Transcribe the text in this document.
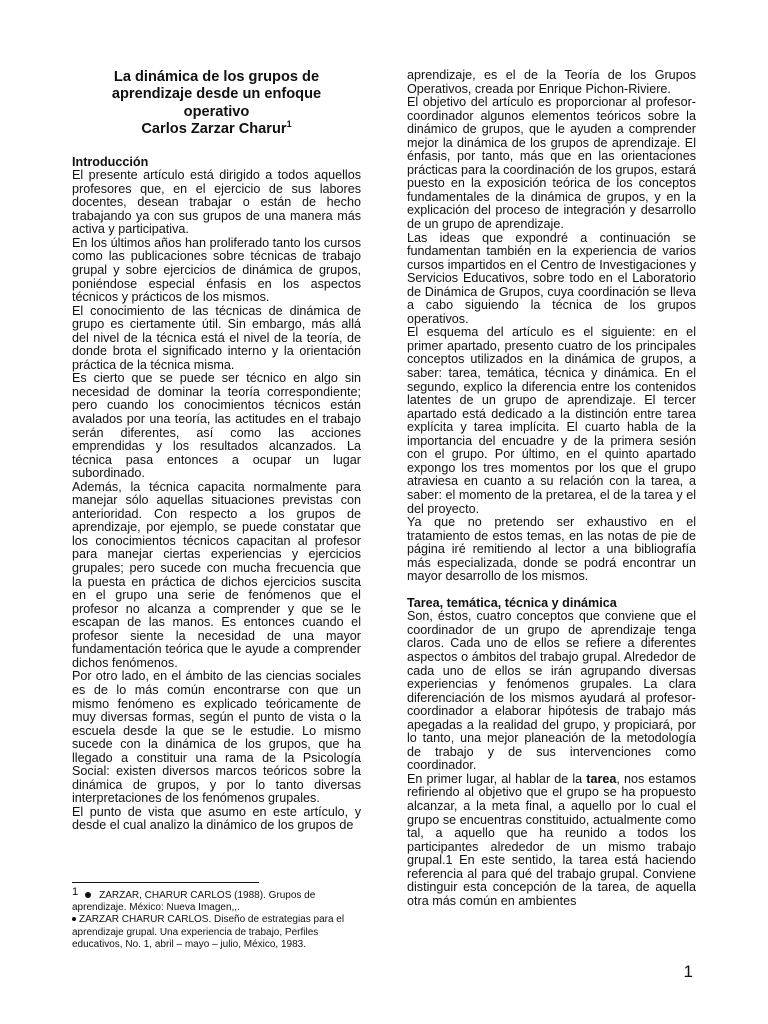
La dinámica de los grupos de
aprendizaje desde un enfoque
operativo
Carlos Zarzar Charur$^1$
Introducción

El presente artículo está dirigido a todos aquellos profesores que, en el ejercicio de sus labores docentes, desean trabajar o están de hecho trabajando ya con sus grupos de una manera más activa y participativa.

En los últimos años han proliferado tanto los cursos como las publicaciones sobre técnicas de trabajo grupal y sobre ejercicios de dinámica de grupos, poniéndose especial énfasis en los aspectos técnicos y prácticos de los mismos.

El conocimiento de las técnicas de dinámica de grupo es ciertamente útil. Sin embargo, más allá del nivel de la técnica está el nivel de la teoría, de donde brota el significado interno y la orientación práctica de la técnica misma.

Es cierto que se puede ser técnico en algo sin necesidad de dominar la teoría correspondiente; pero cuando los conocimientos técnicos están avalados por una teoría, las actitudes en el trabajo serán diferentes, así como las acciones emprendidas y los resultados alcanzados. La técnica pasa entonces a ocupar un lugar subordinado.

Además, la técnica capacita normalmente para manejar sólo aquellas situaciones previstas con anterioridad. Con respecto a los grupos de aprendizaje, por ejemplo, se puede constatar que los conocimientos técnicos capacitan al profesor para manejar ciertas experiencias y ejercicios grupales; pero sucede con mucha frecuencia que la puesta en práctica de dichos ejercicios suscita en el grupo una serie de fenómenos que el profesor no alcanza a comprender y que se le escapan de las manos. Es entonces cuando el profesor siente la necesidad de una mayor fundamentación teórica que le ayude a comprender dichos fenómenos.

Por otro lado, en el ámbito de las ciencias sociales es de lo más común encontrarse con que un mismo fenómeno es explicado teóricamente de muy diversas formas, según el punto de vista o la escuela desde la que se le estudie. Lo mismo sucede con la dinámica de los grupos, que ha llegado a constituir una rama de la Psicología Social: existen diversos marcos teóricos sobre la dinámica de grupos, y por lo tanto diversas interpretaciones de los fenómenos grupales.

El punto de vista que asumo en este artículo, y desde el cual analizo la dinámico de los grupos de

aprendizaje, es el de la Teoría de los Grupos Operativos, creada por Enrique Pichon-Riviere.

El objetivo del artículo es proporcionar al profesor-coordinador algunos elementos teóricos sobre la dinámico de grupos, que le ayuden a comprender mejor la dinámica de los grupos de aprendizaje. El énfasis, por tanto, más que en las orientaciones prácticas para la coordinación de los grupos, estará puesto en la exposición teórica de los conceptos fundamentales de la dinámica de grupos, y en la explicación del proceso de integración y desarrollo de un grupo de aprendizaje.

Las ideas que expondré a continuación se fundamentan también en la experiencia de varios cursos impartidos en el Centro de Investigaciones y Servicios Educativos, sobre todo en el Laboratorio de Dinámica de Grupos, cuya coordinación se lleva a cabo siguiendo la técnica de los grupos operativos.

El esquema del artículo es el siguiente: en el primer apartado, presento cuatro de los principales conceptos utilizados en la dinámica de grupos, a saber: tarea, temática, técnica y dinámica. En el segundo, explico la diferencia entre los contenidos latentes de un grupo de aprendizaje. El tercer apartado está dedicado a la distinción entre tarea explícita y tarea implícita. El cuarto habla de la importancia del encuadre y de la primera sesión con el grupo. Por último, en el quinto apartado expongo los tres momentos por los que el grupo atraviesa en cuanto a su relación con la tarea, a saber: el momento de la pretarea, el de la tarea y el del proyecto.

Ya que no pretendo ser exhaustivo en el tratamiento de estos temas, en las notas de pie de página iré remitiendo al lector a una bibliografía más especializada, donde se podrá encontrar un mayor desarrollo de los mismos.

Tarea, temática, técnica y dinámica

Son, éstos, cuatro conceptos que conviene que el coordinador de un grupo de aprendizaje tenga claros. Cada uno de ellos se refiere a diferentes aspectos o ámbitos del trabajo grupal. Alrededor de cada uno de ellos se irán agrupando diversas experiencias y fenómenos grupales. La clara diferenciación de los mismos ayudará al profesor-coordinador a elaborar hipótesis de trabajo más apegadas a la realidad del grupo, y propiciará, por lo tanto, una mejor planeación de la metodología de trabajo y de sus intervenciones como coordinador.

En primer lugar, al hablar de la tarea, nos estamos refiriendo al objetivo que el grupo se ha propuesto alcanzar, a la meta final, a aquello por lo cual el grupo se encuentras constituido, actualmente como tal, a aquello que ha reunido a todos los participantes alrededor de un mismo trabajo grupal.1 En este sentido, la tarea está haciendo referencia al para qué del trabajo grupal. Conviene distinguir esta concepción de la tarea, de aquella otra más común en ambientes

1 ZARZAR, CHARUR CARLOS (1988). Grupos de
aprendizaje. México: Nueva Imagen,,.
ZARZAR CHARUR CARLOS. Diseño de estrategias para el
aprendizaje grupal. Una experiencia de trabajo, Perfiles
educativos, No. 1, abril – mayo – julio, México, 1983.
1
